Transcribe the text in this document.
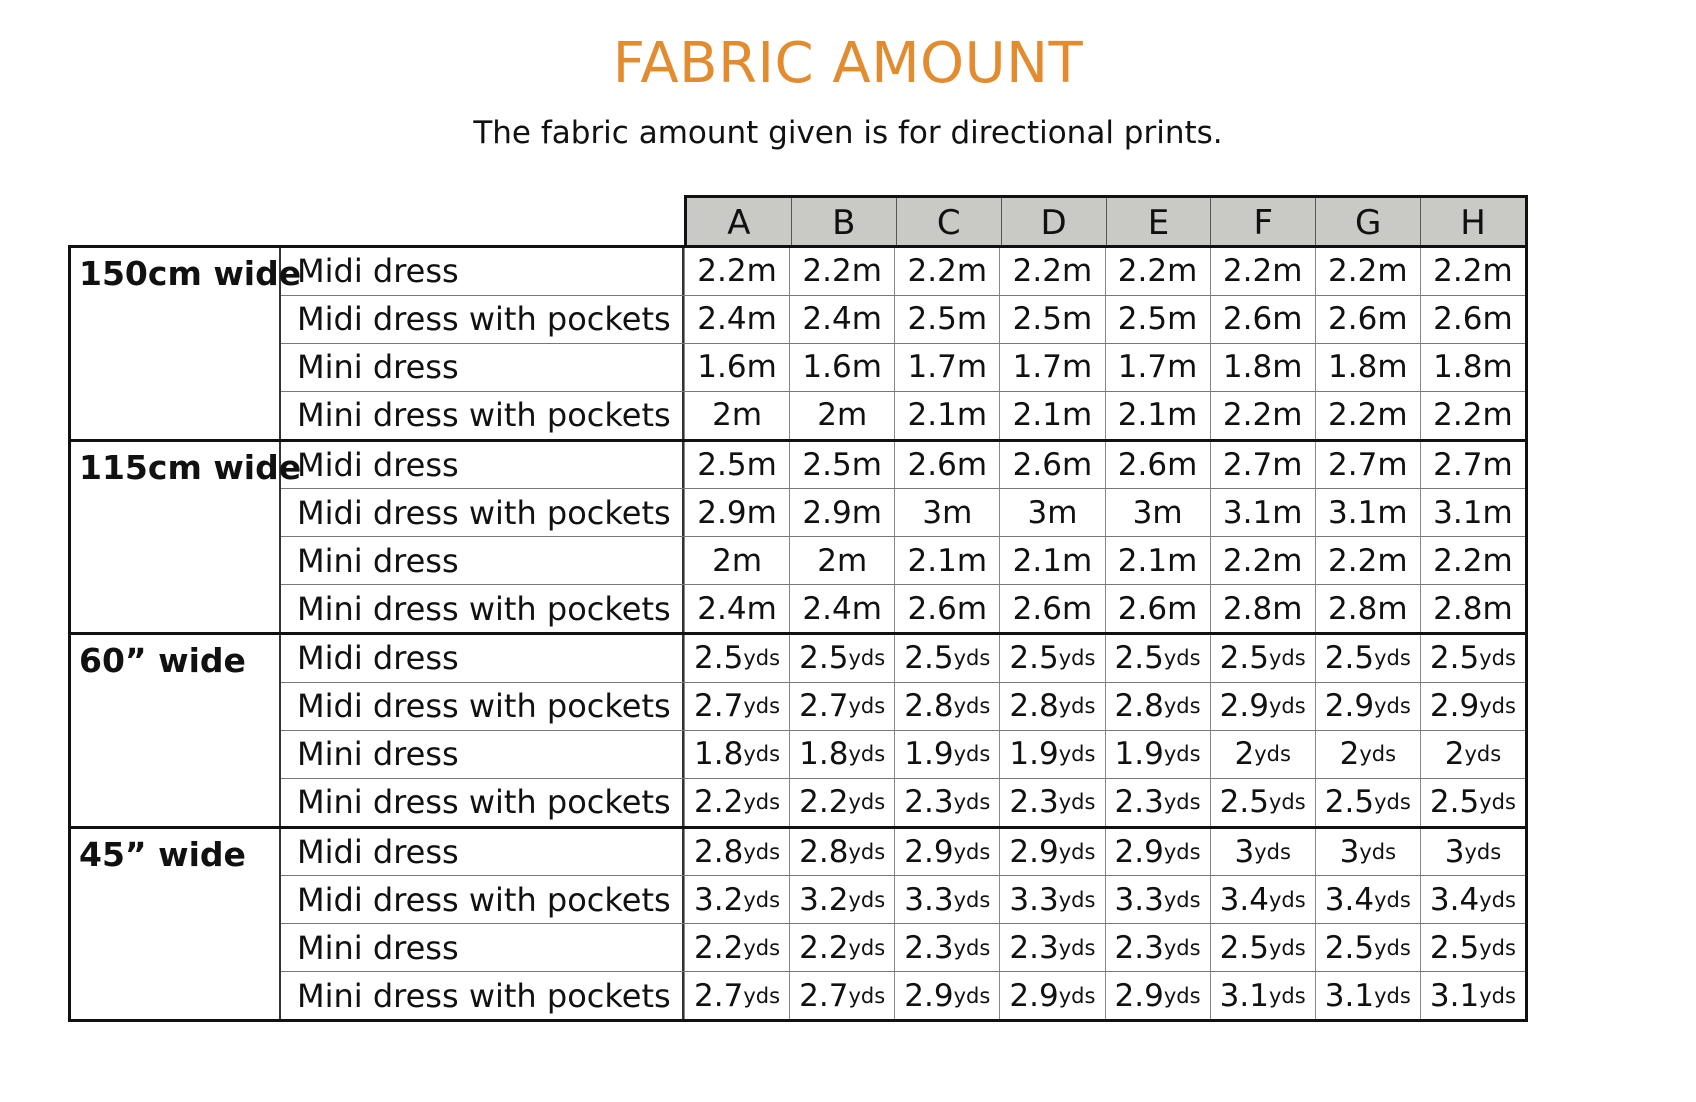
FABRIC AMOUNT
The fabric amount given is for directional prints.
A	B	C	D	E	F	G	H
150cm wide
Midi dress	2.2 m 2.2 m 2.2 m 2.2 m 2.2 m 2.2 m 2.2 m 2.2 m
Midi dress with pockets 2.4 m 2.4 m 2.5 m 2.5 m 2.5 m 2.6 m 2.6 m 2.6 m
Mini dress	1.6 m 1.6 m 1.7 m 1.7 m 1.7 m 1.8 m 1.8 m 1.8 m
Mini dress with pockets	2 m 2 m 2.1 m 2.1 m 2.1 m 2.2 m 2.2 m 2.2 m
115cm wide
Midi dress	2.5 m 2.5 m 2.6 m 2.6 m 2.6 m 2.7 m 2.7 m 2.7 m
Midi dress with pockets 2.9 m 2.9 m 3 m 3 m 3 m 3.1 m 3.1 m 3.1 m
Mini dress	2 m 2 m 2.1 m 2.1 m 2.1 m 2.2 m 2.2 m 2.2 m
Mini dress with pockets 2.4 m 2.4 m 2.6 m 2.6 m 2.6 m 2.8 m 2.8 m 2.8 m
60” wide	Midi dress	2.5 yds 2.5 yds 2.5 yds 2.5 yds 2.5 yds 2.5 yds 2.5 yds 2.5 yds
Midi dress with pockets 2.7 yds 2.7 yds 2.8 yds 2.8 yds 2.8 yds 2.9 yds 2.9 yds 2.9 yds
Mini dress	1.8 yds 1.8 yds 1.9 yds 1.9 yds 1.9 yds 2 yds 2 yds 2 yds
Mini dress with pockets 2.2 yds 2.2 yds 2.3 yds 2.3 yds 2.3 yds 2.5 yds 2.5 yds 2.5 yds
45” wide	Midi dress	2.8 yds 2.8 yds 2.9 yds 2.9 yds 2.9 yds 3 yds 3 yds 3 yds
Midi dress with pockets 3.2 yds 3.2 yds 3.3 yds 3.3 yds 3.3 yds 3.4 yds 3.4 yds 3.4 yds
Mini dress	2.2 yds 2.2 yds 2.3 yds 2.3 yds 2.3 yds 2.5 yds 2.5 yds 2.5 yds
Mini dress with pockets 2.7 yds 2.7 yds 2.9 yds 2.9 yds 2.9 yds 3.1 yds 3.1 yds 3.1 yds
